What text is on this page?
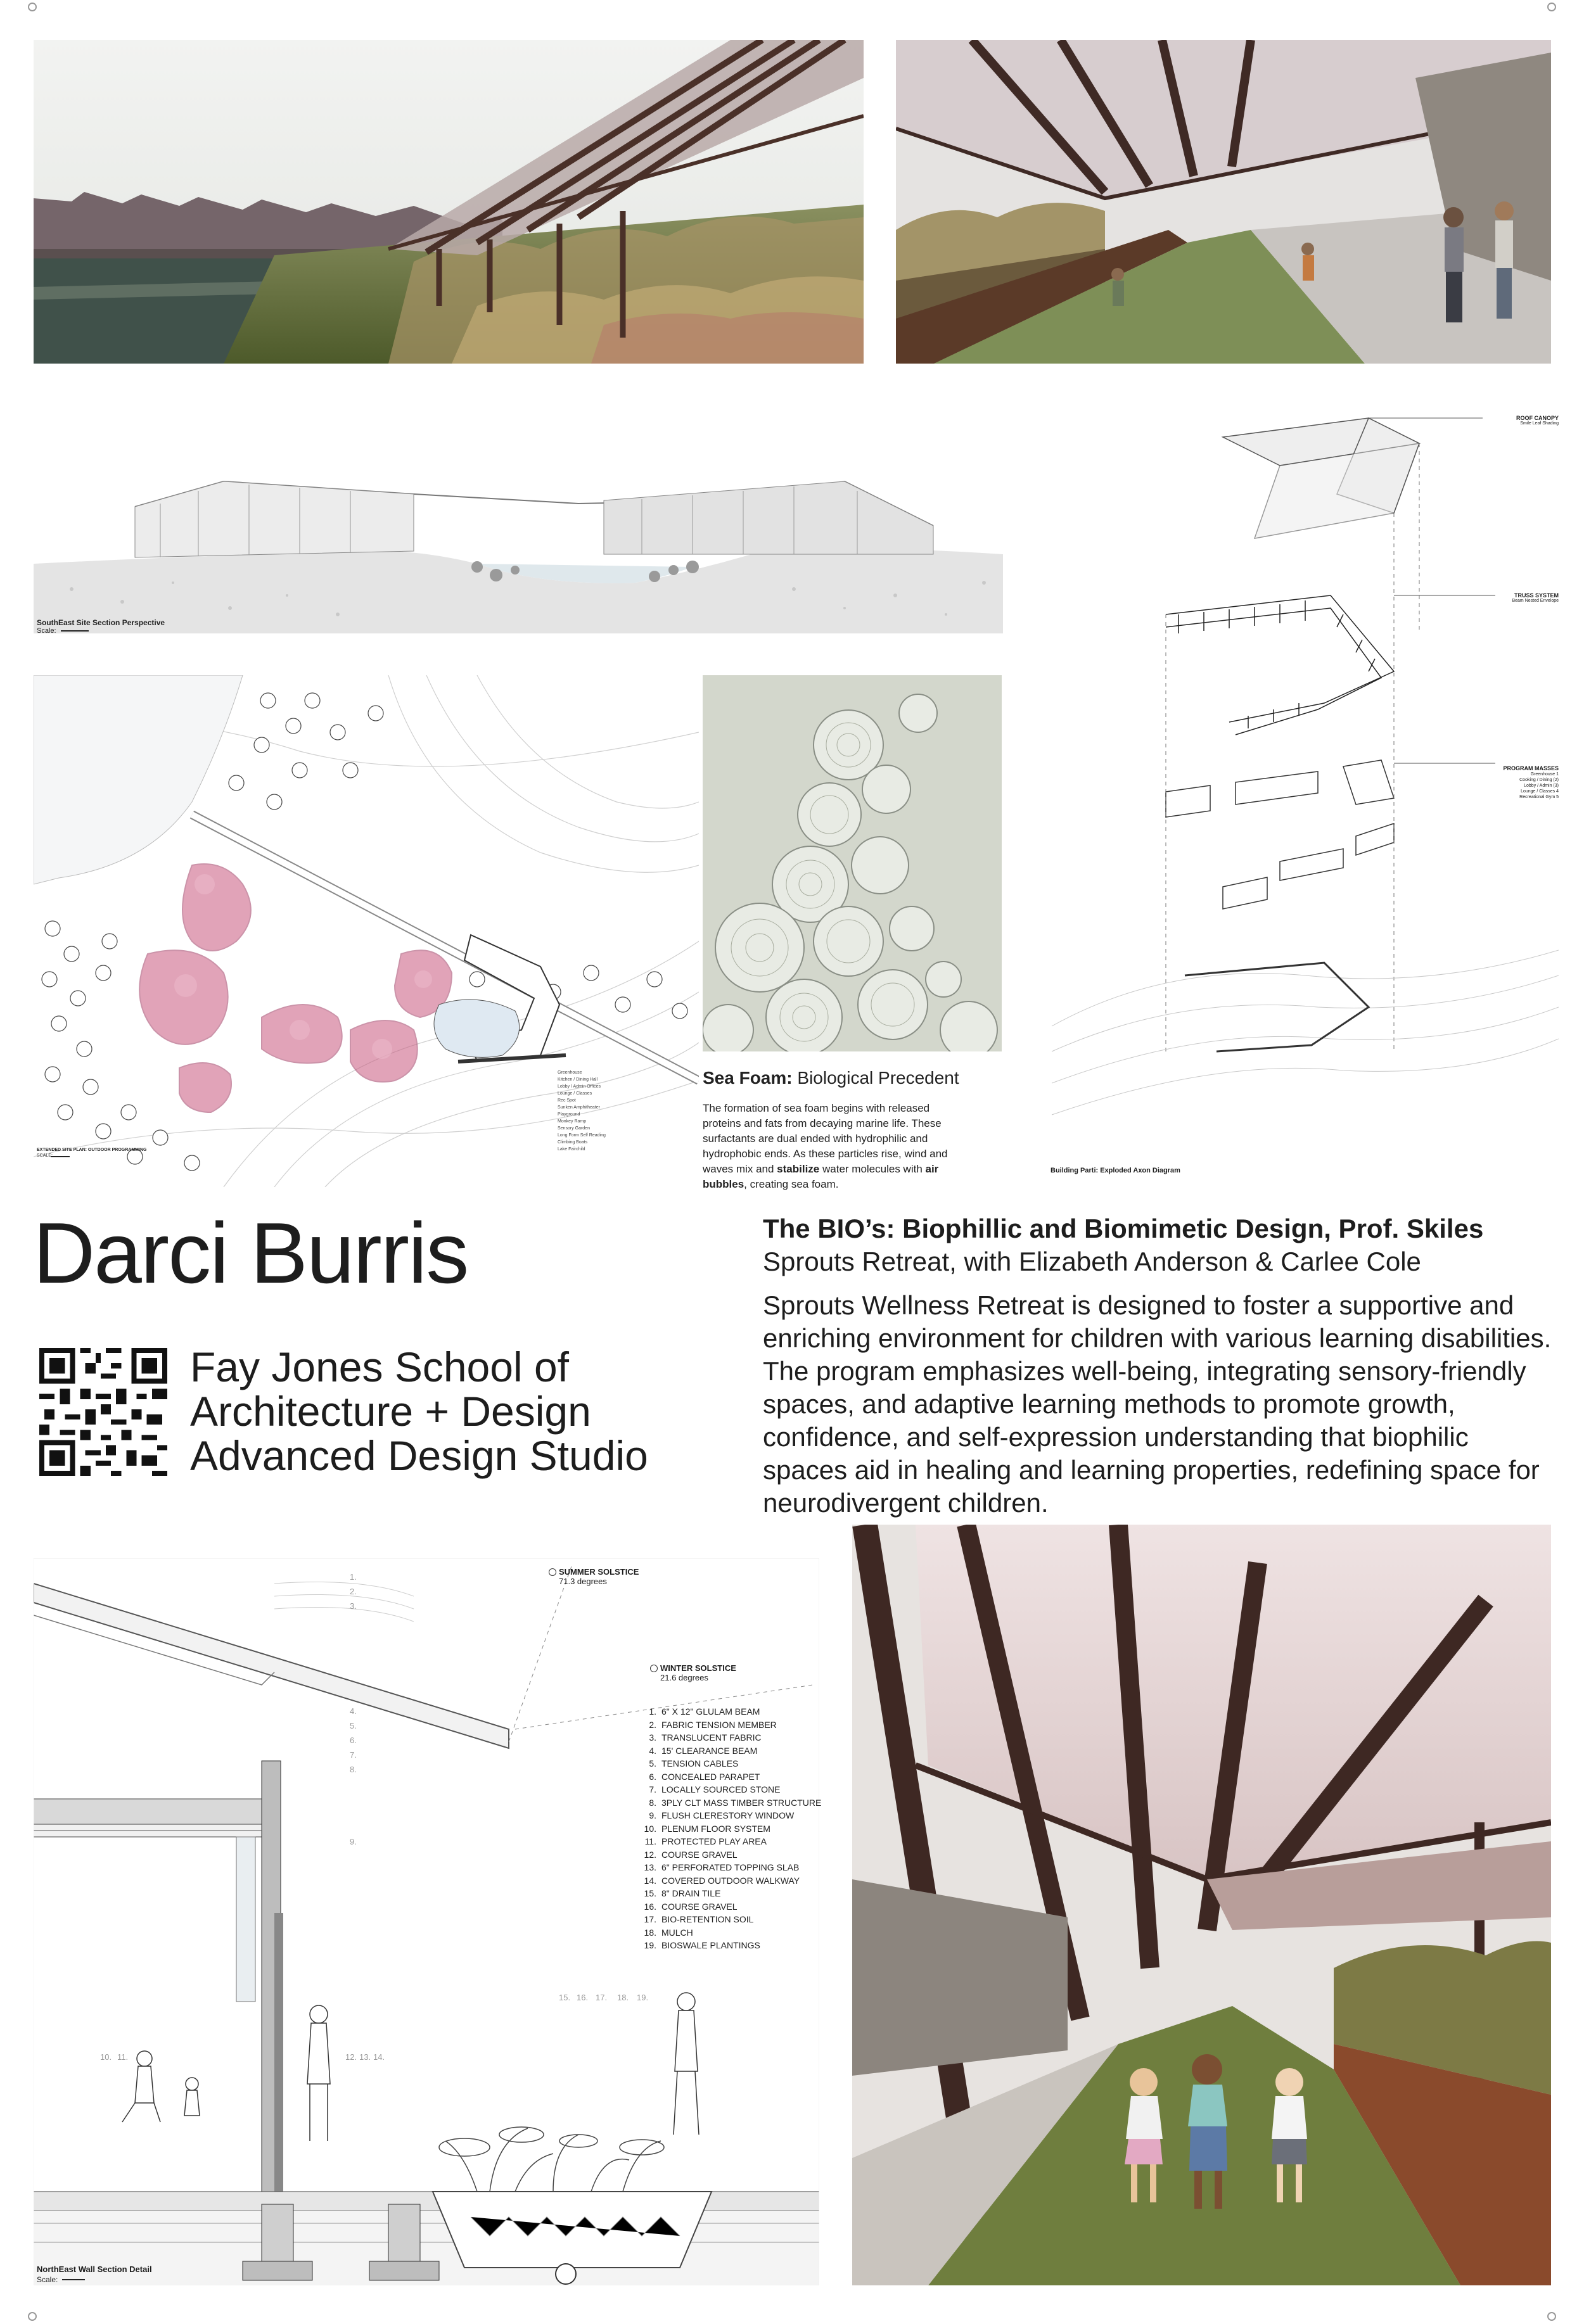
SouthEast Site Section Perspective
Scale:
Greenhouse
Kitchen / Dining Hall
Lobby / Admin Offices
Lounge / Classes
Rec Spot
Sunken Amphitheater
Playground
Monkey Ramp
Sensory Garden
Long Form Self Reading
Climbing Boats
Lake Fairchild
EXTENDED SITE PLAN: OUTDOOR PROGRAMMING
SCALE:
Sea Foam: Biological Precedent
The formation of sea foam begins with released proteins and fats from decaying marine life. These surfactants are dual ended with hydrophilic and hydrophobic ends. As these particles rise, wind and waves mix and stabilize water molecules with air bubbles, creating sea foam.
ROOF CANOPY
Smile Leaf Shading
TRUSS SYSTEM
Beam Nested Envelope
PROGRAM MASSES
Greenhouse 1
Cooking / Dining (2)
Lobby / Admin (3)
Lounge / Classes 4
Recreational Gym 5
Building Parti: Exploded Axon Diagram
Darci Burris
Fay Jones School of
Architecture + Design
Advanced Design Studio
The BIO’s: Biophillic and Biomimetic Design, Prof. Skiles
Sprouts Retreat, with Elizabeth Anderson & Carlee Cole
Sprouts Wellness Retreat is designed to foster a supportive and enriching environment for children with various learning disabilities. The program emphasizes well-being, integrating sensory-friendly spaces, and adaptive learning methods to promote growth, confidence, and self-expression understanding that biophilic spaces aid in healing and learning properties, redefining space for neurodivergent children.
1.
2.
3.
4.
5.
6.
7.
8.
9.
10. 11.	12. 13. 14.
15. 16. 17. 18. 19.
SUMMER SOLSTICE
71.3 degrees
WINTER SOLSTICE
21.6 degrees
1. 6" X 12" GLULAM BEAM
2. FABRIC TENSION MEMBER
3. TRANSLUCENT FABRIC
4. 15' CLEARANCE BEAM
5. TENSION CABLES
6. CONCEALED PARAPET
7. LOCALLY SOURCED STONE
8. 3PLY CLT MASS TIMBER STRUCTURE
9. FLUSH CLERESTORY WINDOW
10. PLENUM FLOOR SYSTEM
11. PROTECTED PLAY AREA
12. COURSE GRAVEL
13. 6" PERFORATED TOPPING SLAB
14. COVERED OUTDOOR WALKWAY
15. 8" DRAIN TILE
16. COURSE GRAVEL
17. BIO-RETENTION SOIL
18. MULCH
19. BIOSWALE PLANTINGS
NorthEast Wall Section Detail
Scale:
